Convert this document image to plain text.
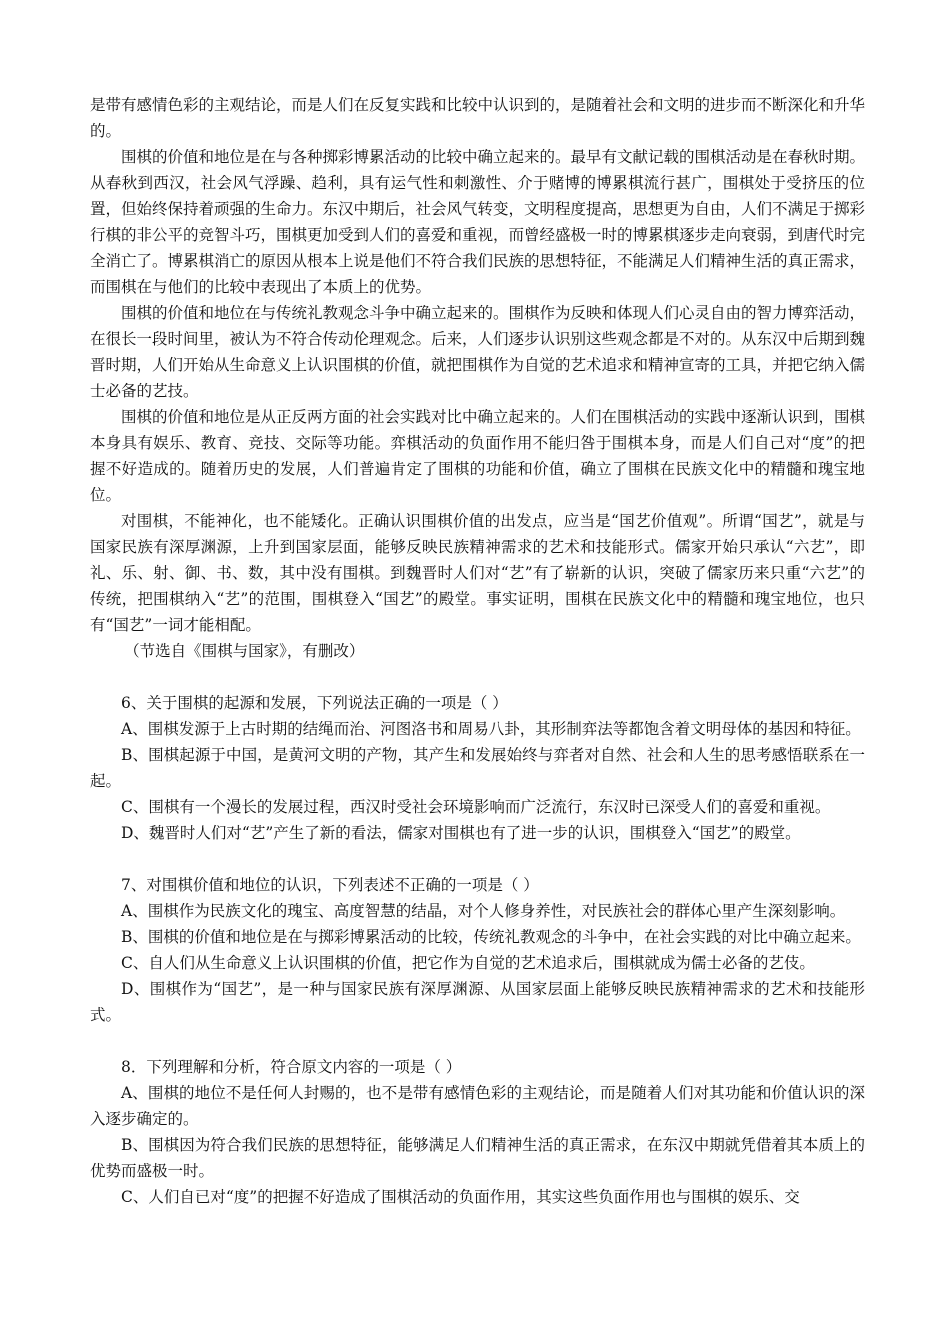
是带有感情色彩的主观结论，而是人们在反复实践和比较中认识到的，是随着社会和文明的进步而不断深化和升华的。

围棋的价值和地位是在与各种掷彩博累活动的比较中确立起来的。最早有文献记载的围棋活动是在春秋时期。从春秋到西汉，社会风气浮躁、趋利，具有运气性和刺激性、介于赌博的博累棋流行甚广，围棋处于受挤压的位置，但始终保持着顽强的生命力。东汉中期后，社会风气转变，文明程度提高，思想更为自由，人们不满足于掷彩行棋的非公平的竞智斗巧，围棋更加受到人们的喜爱和重视，而曾经盛极一时的博累棋逐步走向衰弱，到唐代时完全消亡了。博累棋消亡的原因从根本上说是他们不符合我们民族的思想特征，不能满足人们精神生活的真正需求，而围棋在与他们的比较中表现出了本质上的优势。

围棋的价值和地位在与传统礼教观念斗争中确立起来的。围棋作为反映和体现人们心灵自由的智力博弈活动，在很长一段时间里，被认为不符合传动伦理观念。后来，人们逐步认识别这些观念都是不对的。从东汉中后期到魏晋时期，人们开始从生命意义上认识围棋的价值，就把围棋作为自觉的艺术追求和精神宣寄的工具，并把它纳入儒士必备的艺技。

围棋的价值和地位是从正反两方面的社会实践对比中确立起来的。人们在围棋活动的实践中逐渐认识到，围棋本身具有娱乐、教育、竞技、交际等功能。弈棋活动的负面作用不能归咎于围棋本身，而是人们自己对“度”的把握不好造成的。随着历史的发展，人们普遍肯定了围棋的功能和价值，确立了围棋在民族文化中的精髓和瑰宝地位。

对围棋，不能神化，也不能矮化。正确认识围棋价值的出发点，应当是“国艺价值观”。所谓“国艺”，就是与国家民族有深厚渊源，上升到国家层面，能够反映民族精神需求的艺术和技能形式。儒家开始只承认“六艺”，即礼、乐、射、御、书、数，其中没有围棋。到魏晋时人们对“艺”有了崭新的认识，突破了儒家历来只重“六艺”的传统，把围棋纳入“艺”的范围，围棋登入“国艺”的殿堂。事实证明，围棋在民族文化中的精髓和瑰宝地位，也只有“国艺”一词才能相配。

（节选自《围棋与国家》，有删改）

6、关于围棋的起源和发展，下列说法正确的一项是（ ）

A、围棋发源于上古时期的结绳而治、河图洛书和周易八卦，其形制弈法等都饱含着文明母体的基因和特征。

B、围棋起源于中国，是黄河文明的产物，其产生和发展始终与弈者对自然、社会和人生的思考感悟联系在一起。

C、围棋有一个漫长的发展过程，西汉时受社会环境影响而广泛流行，东汉时已深受人们的喜爱和重视。

D、魏晋时人们对“艺”产生了新的看法，儒家对围棋也有了进一步的认识，围棋登入“国艺”的殿堂。

7、对围棋价值和地位的认识，下列表述不正确的一项是（ ）

A、围棋作为民族文化的瑰宝、高度智慧的结晶，对个人修身养性，对民族社会的群体心里产生深刻影响。

B、围棋的价值和地位是在与掷彩博累活动的比较，传统礼教观念的斗争中，在社会实践的对比中确立起来。

C、自人们从生命意义上认识围棋的价值，把它作为自觉的艺术追求后，围棋就成为儒士必备的艺伎。

D、围棋作为“国艺”，是一种与国家民族有深厚渊源、从国家层面上能够反映民族精神需求的艺术和技能形式。

8．下列理解和分析，符合原文内容的一项是（ ）

A、围棋的地位不是任何人封赐的，也不是带有感情色彩的主观结论，而是随着人们对其功能和价值认识的深入逐步确定的。

B、围棋因为符合我们民族的思想特征，能够满足人们精神生活的真正需求，在东汉中期就凭借着其本质上的优势而盛极一时。

C、人们自已对“度”的把握不好造成了围棋活动的负面作用，其实这些负面作用也与围棋的娱乐、交
